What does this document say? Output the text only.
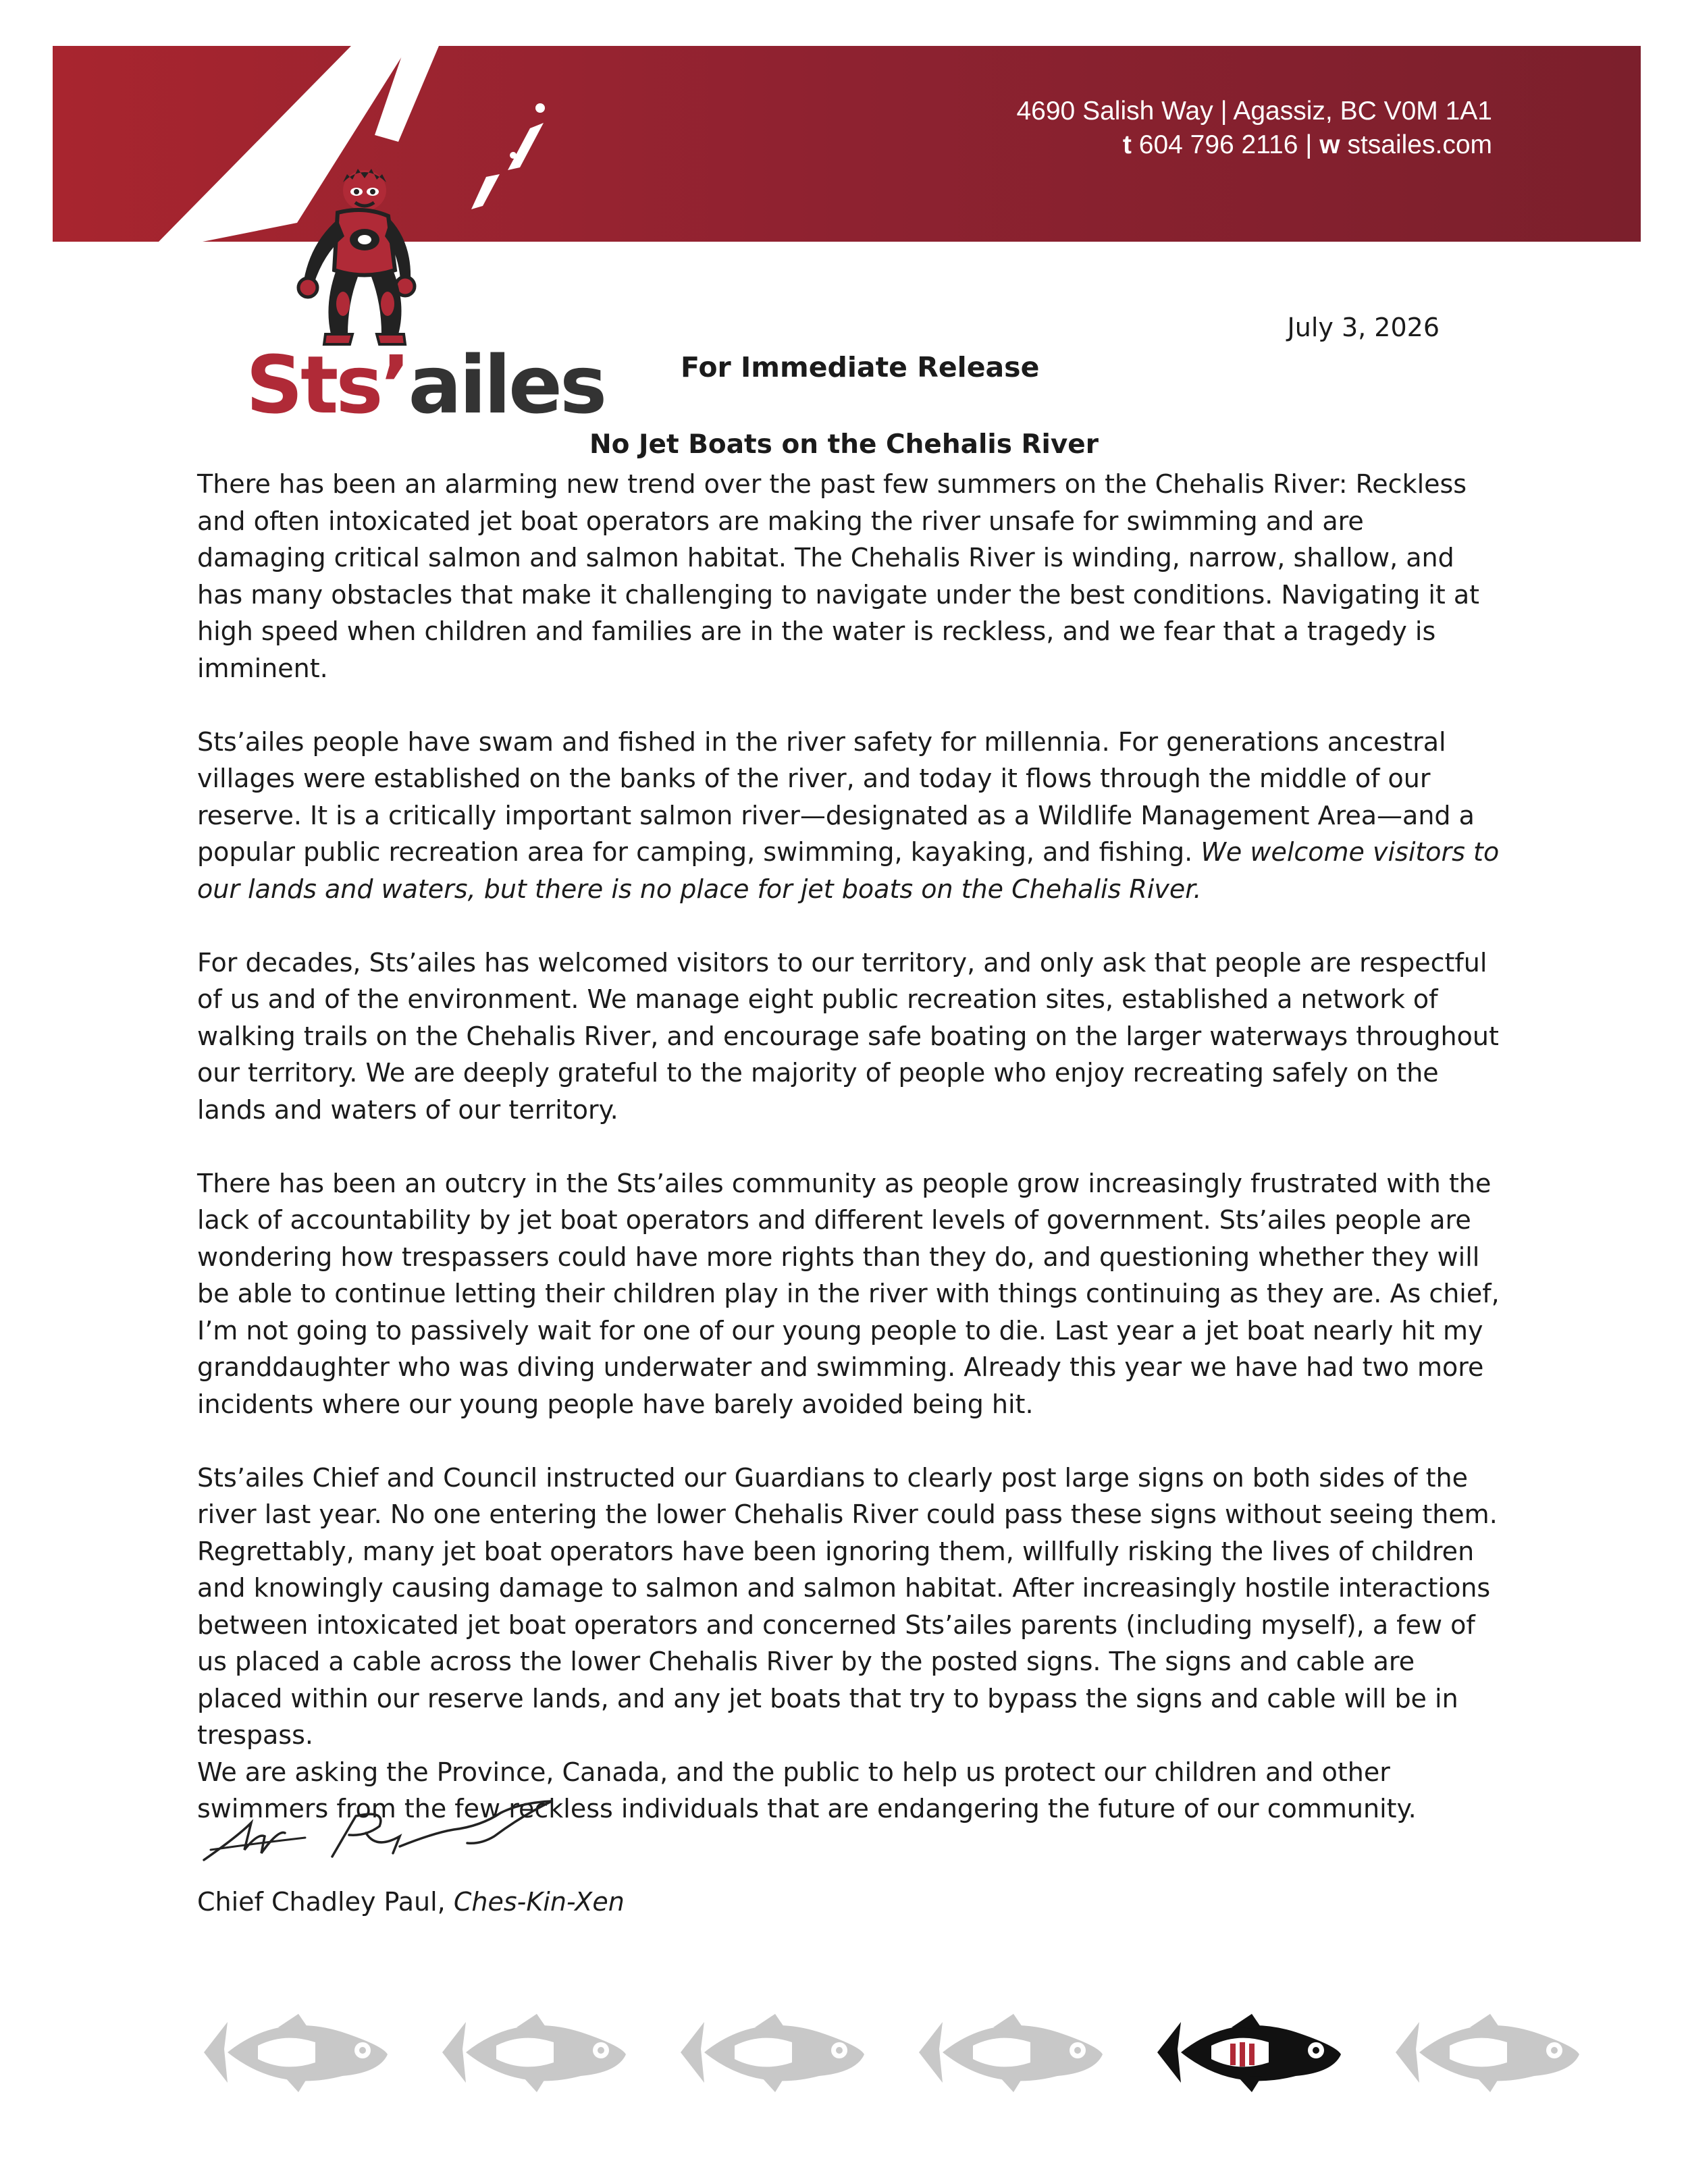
4690 Salish Way | Agassiz, BC V0M 1A1
t 604 796 2116 | w stsailes.com
Sts’ailes
July 3, 2026
For Immediate Release
No Jet Boats on the Chehalis River

There has been an alarming new trend over the past few summers on the Chehalis River: Reckless and often intoxicated jet boat operators are making the river unsafe for swimming and are damaging critical salmon and salmon habitat. The Chehalis River is winding, narrow, shallow, and has many obstacles that make it challenging to navigate under the best conditions. Navigating it at high speed when children and families are in the water is reckless, and we fear that a tragedy is imminent.

Sts’ailes people have swam and fished in the river safety for millennia. For generations ancestral villages were established on the banks of the river, and today it flows through the middle of our reserve. It is a critically important salmon river—designated as a Wildlife Management Area—and a popular public recreation area for camping, swimming, kayaking, and fishing. We welcome visitors to our lands and waters, but there is no place for jet boats on the Chehalis River.

For decades, Sts’ailes has welcomed visitors to our territory, and only ask that people are respectful of us and of the environment. We manage eight public recreation sites, established a network of walking trails on the Chehalis River, and encourage safe boating on the larger waterways throughout our territory. We are deeply grateful to the majority of people who enjoy recreating safely on the lands and waters of our territory.

There has been an outcry in the Sts’ailes community as people grow increasingly frustrated with the lack of accountability by jet boat operators and different levels of government. Sts’ailes people are wondering how trespassers could have more rights than they do, and questioning whether they will be able to continue letting their children play in the river with things continuing as they are. As chief, I’m not going to passively wait for one of our young people to die. Last year a jet boat nearly hit my granddaughter who was diving underwater and swimming. Already this year we have had two more incidents where our young people have barely avoided being hit.

Sts’ailes Chief and Council instructed our Guardians to clearly post large signs on both sides of the river last year. No one entering the lower Chehalis River could pass these signs without seeing them. Regrettably, many jet boat operators have been ignoring them, willfully risking the lives of children and knowingly causing damage to salmon and salmon habitat. After increasingly hostile interactions between intoxicated jet boat operators and concerned Sts’ailes parents (including myself), a few of us placed a cable across the lower Chehalis River by the posted signs. The signs and cable are placed within our reserve lands, and any jet boats that try to bypass the signs and cable will be in trespass.

We are asking the Province, Canada, and the public to help us protect our children and other swimmers from the few reckless individuals that are endangering the future of our community.

Chief Chadley Paul, Ches-Kin-Xen
